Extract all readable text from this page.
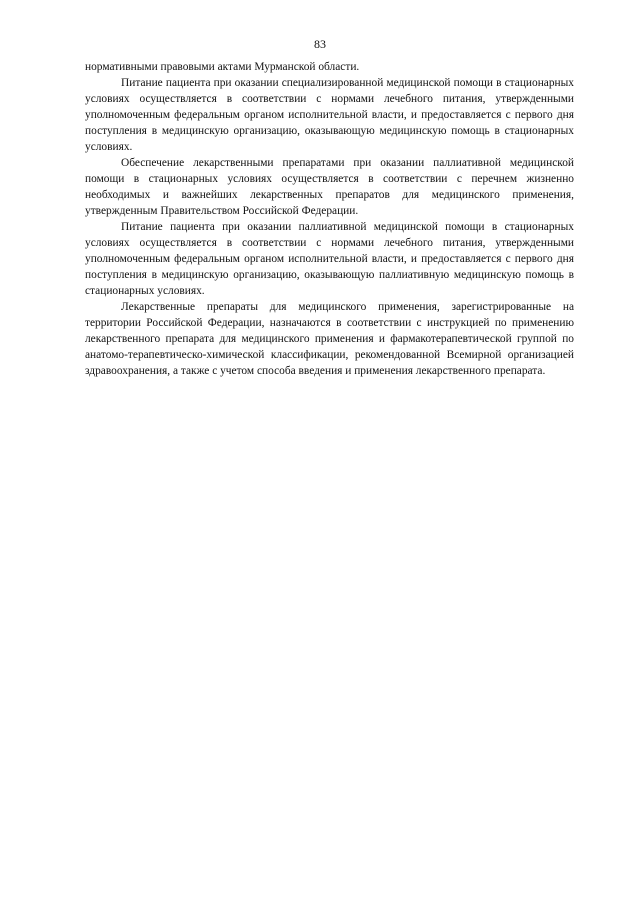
83

нормативными правовыми актами Мурманской области.

Питание пациента при оказании специализированной медицинской помощи в стационарных условиях осуществляется в соответствии с нормами лечебного питания, утвержденными уполномоченным федеральным органом исполнительной власти, и предоставляется с первого дня поступления в медицинскую организацию, оказывающую медицинскую помощь в стационарных условиях.

Обеспечение лекарственными препаратами при оказании паллиативной медицинской помощи в стационарных условиях осуществляется в соответствии с перечнем жизненно необходимых и важнейших лекарственных препаратов для медицинского применения, утвержденным Правительством Российской Федерации.

Питание пациента при оказании паллиативной медицинской помощи в стационарных условиях осуществляется в соответствии с нормами лечебного питания, утвержденными уполномоченным федеральным органом исполнительной власти, и предоставляется с первого дня поступления в медицинскую организацию, оказывающую паллиативную медицинскую помощь в стационарных условиях.

Лекарственные препараты для медицинского применения, зарегистрированные на территории Российской Федерации, назначаются в соответствии с инструкцией по применению лекарственного препарата для медицинского применения и фармакотерапевтической группой по анатомо-терапевтическо-химической классификации, рекомендованной Всемирной организацией здравоохранения, а также с учетом способа введения и применения лекарственного препарата.
